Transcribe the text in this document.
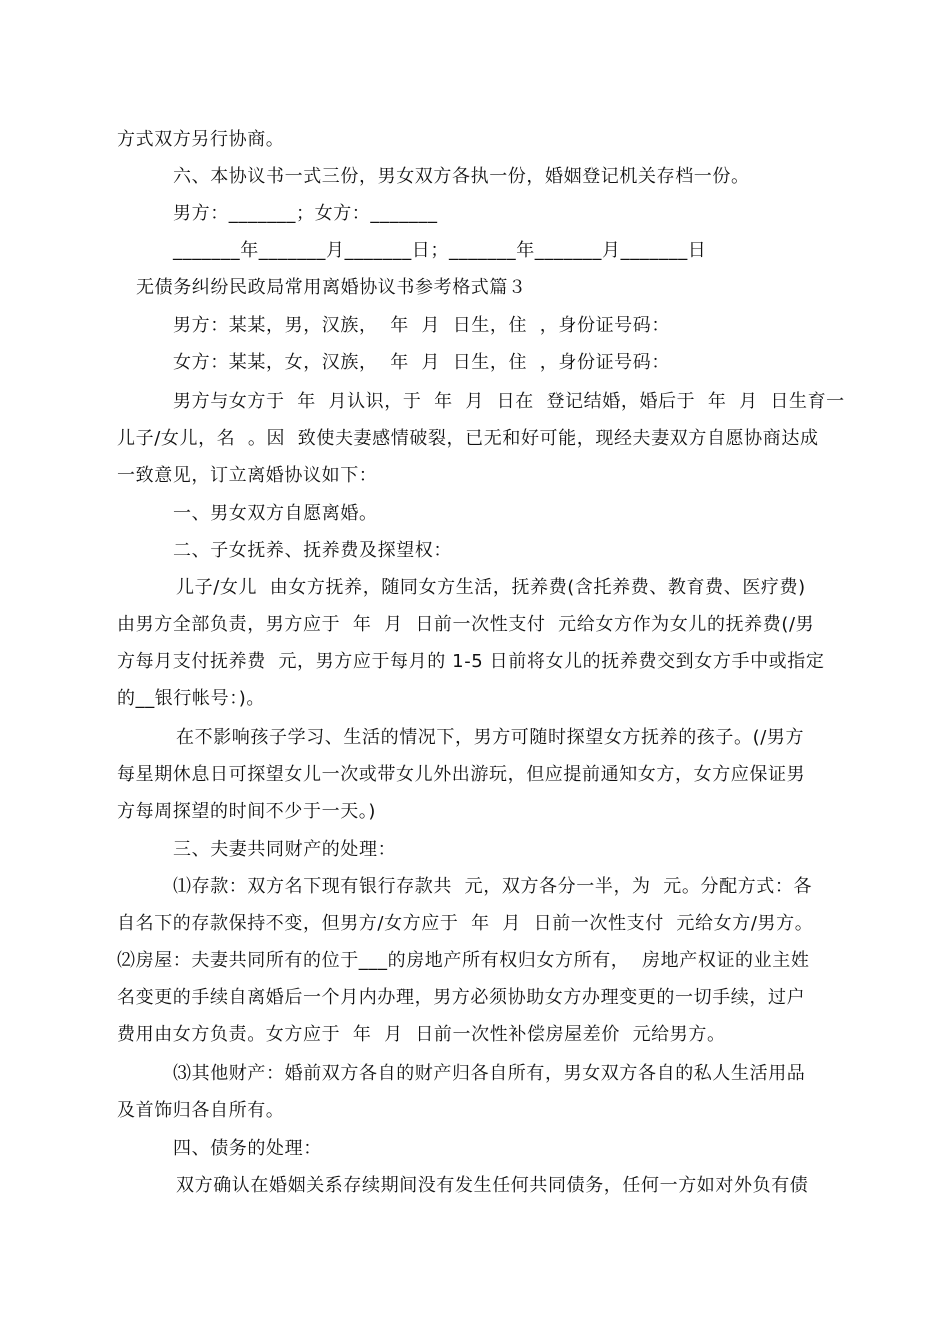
方式双方另行协商。
六、本协议书一式三份，男女双方各执一份，婚姻登记机关存档一份。
男方：_______；女方：_______
_______年_______月_______日；_______年_______月_______日
无债务纠纷民政局常用离婚协议书参考格式篇３
男方：某某，男，汉族，  年  月  日生，住  ，身份证号码：
女方：某某，女，汉族，  年  月  日生，住  ，身份证号码：
男方与女方于  年  月认识，于  年  月  日在  登记结婚，婚后于  年  月  日生育一
儿子/女儿，名  。因  致使夫妻感情破裂，已无和好可能，现经夫妻双方自愿协商达成
一致意见，订立离婚协议如下：
一、男女双方自愿离婚。
二、子女抚养、抚养费及探望权：
儿子/女儿  由女方抚养，随同女方生活，抚养费(含托养费、教育费、医疗费)
由男方全部负责，男方应于  年  月  日前一次性支付  元给女方作为女儿的抚养费(/男
方每月支付抚养费  元，男方应于每月的 1-5 日前将女儿的抚养费交到女方手中或指定
的__银行帐号：)。
在不影响孩子学习、生活的情况下，男方可随时探望女方抚养的孩子。(/男方
每星期休息日可探望女儿一次或带女儿外出游玩，但应提前通知女方，女方应保证男
方每周探望的时间不少于一天。)
三、夫妻共同财产的处理：
⑴存款：双方名下现有银行存款共  元，双方各分一半，为  元。分配方式：各
自名下的存款保持不变，但男方/女方应于  年  月  日前一次性支付  元给女方/男方。
⑵房屋：夫妻共同所有的位于___的房地产所有权归女方所有，  房地产权证的业主姓
名变更的手续自离婚后一个月内办理，男方必须协助女方办理变更的一切手续，过户
费用由女方负责。女方应于  年  月  日前一次性补偿房屋差价  元给男方。
⑶其他财产：婚前双方各自的财产归各自所有，男女双方各自的私人生活用品
及首饰归各自所有。
四、债务的处理：
双方确认在婚姻关系存续期间没有发生任何共同债务，任何一方如对外负有债
